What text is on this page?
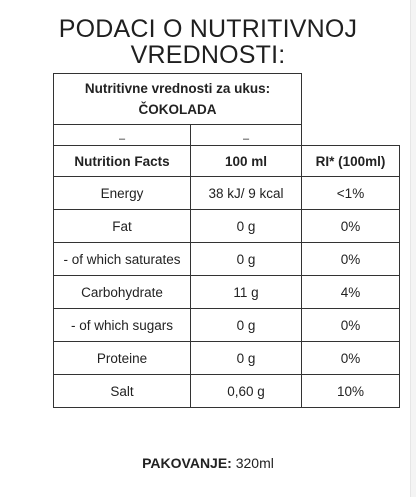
PODACI O NUTRITIVNOJ
VREDNOSTI:
Nutritivne vrednosti za ukus:
ČOKOLADA		

–	–	
Nutrition Facts	100 ml	RI* (100ml)
Energy	38 kJ/ 9 kcal	<1%
Fat	0 g	0%
- of which saturates	0 g	0%
Carbohydrate	11 g	4%
- of which sugars	0 g	0%
Proteine	0 g	0%
Salt	0,60 g	10%
PAKOVANJE: 320ml
